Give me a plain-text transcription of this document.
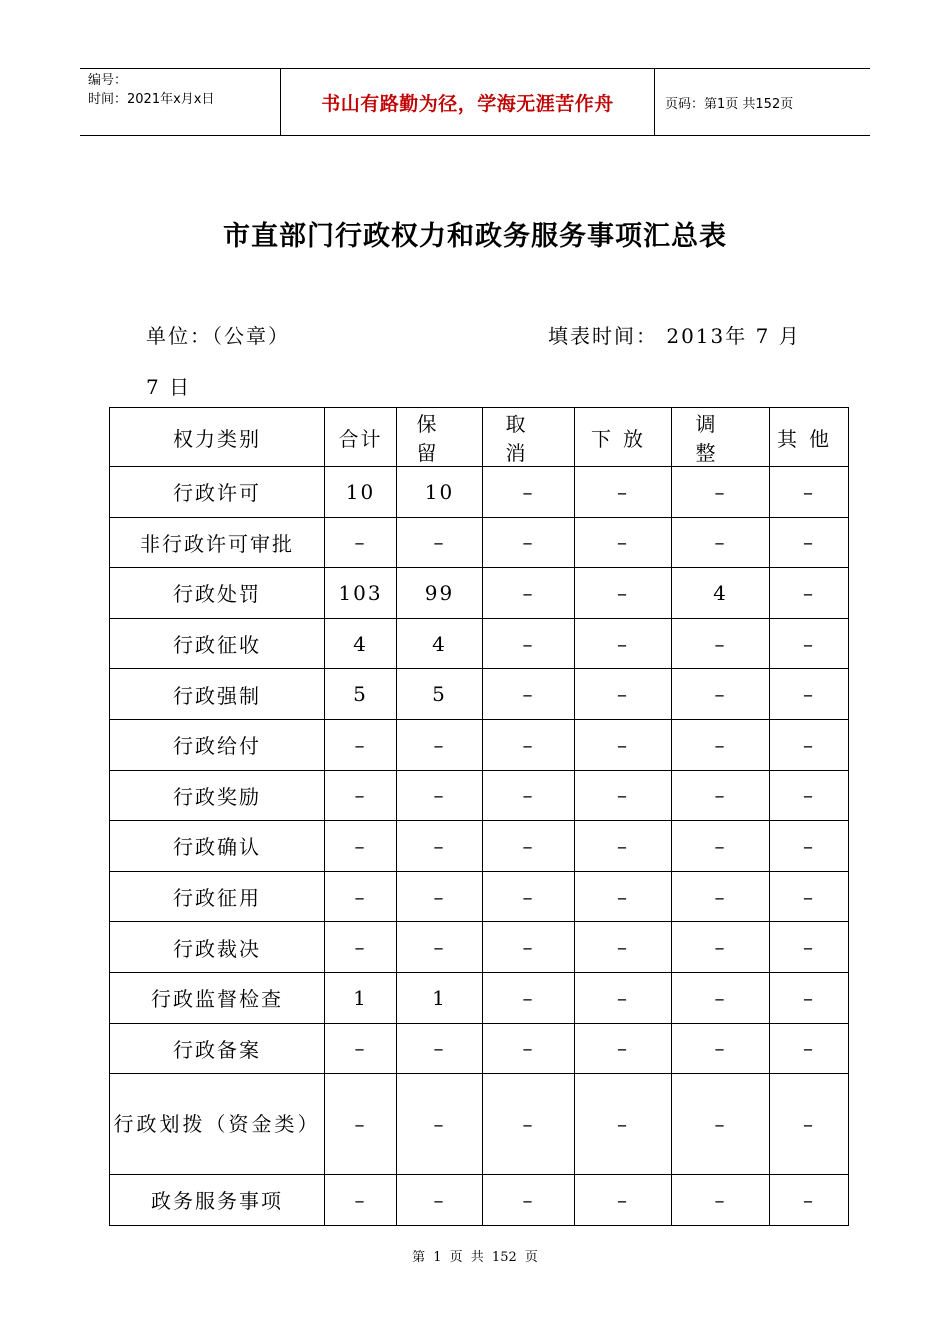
编号：
时间：2021年x月x日	书山有路勤为径，学海无涯苦作舟	页码：第1页 共152页
市直部门行政权力和政务服务事项汇总表
单位：（公章）	填表时间： 2013年 7 月
7 日
权力类别	合计	保留	取消	下放	调整	其他
行政许可	10	10	–	–	–	–
非行政许可审批	–	–	–	–	–	–
行政处罚	103	99	–	–	4	–
行政征收	4	4	–	–	–	–
行政强制	5	5	–	–	–	–
行政给付	–	–	–	–	–	–
行政奖励	–	–	–	–	–	–
行政确认	–	–	–	–	–	–
行政征用	–	–	–	–	–	–
行政裁决	–	–	–	–	–	–
行政监督检查	1	1	–	–	–	–
行政备案	–	–	–	–	–	–
行政划拨（资金类）	–	–	–	–	–	–
政务服务事项	–	–	–	–	–	–
第 1 页 共 152 页
